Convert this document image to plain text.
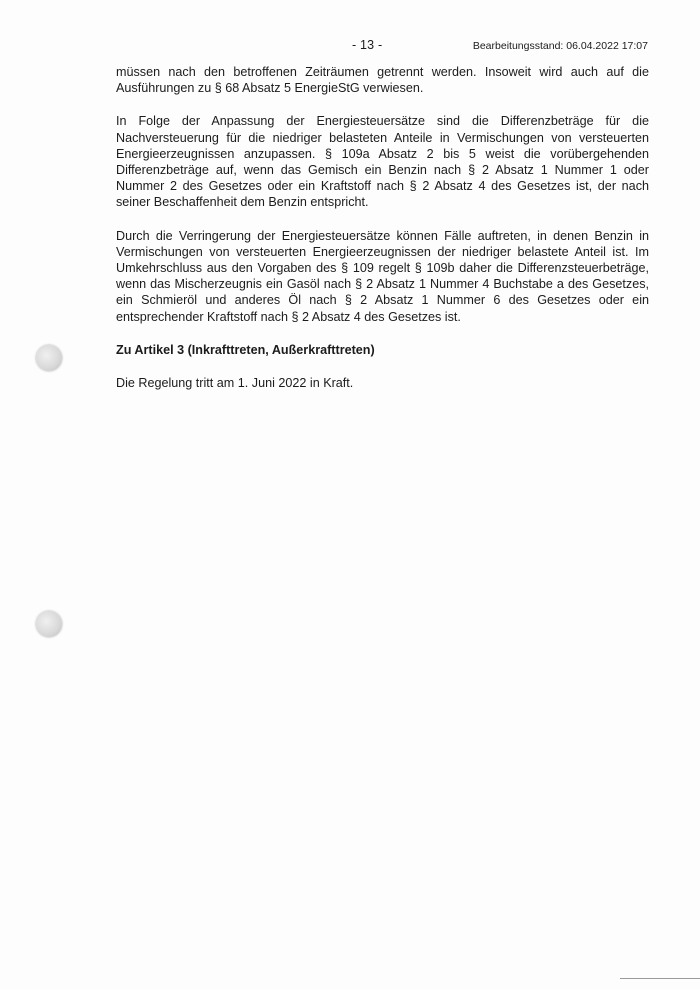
- 13 -	Bearbeitungsstand: 06.04.2022 17:07

müssen nach den betroffenen Zeiträumen getrennt werden. Insoweit wird auch auf die Ausführungen zu § 68 Absatz 5 EnergieStG verwiesen.

In Folge der Anpassung der Energiesteuersätze sind die Differenzbeträge für die Nachversteuerung für die niedriger belasteten Anteile in Vermischungen von versteuerten Energieerzeugnissen anzupassen. § 109a Absatz 2 bis 5 weist die vorübergehenden Differenzbeträge auf, wenn das Gemisch ein Benzin nach § 2 Absatz 1 Nummer 1 oder Nummer 2 des Gesetzes oder ein Kraftstoff nach § 2 Absatz 4 des Gesetzes ist, der nach seiner Beschaffenheit dem Benzin entspricht.

Durch die Verringerung der Energiesteuersätze können Fälle auftreten, in denen Benzin in Vermischungen von versteuerten Energieerzeugnissen der niedriger belastete Anteil ist. Im Umkehrschluss aus den Vorgaben des § 109 regelt § 109b daher die Differenzsteuerbeträge, wenn das Mischerzeugnis ein Gasöl nach § 2 Absatz 1 Nummer 4 Buchstabe a des Gesetzes, ein Schmieröl und anderes Öl nach § 2 Absatz 1 Nummer 6 des Gesetzes oder ein entsprechender Kraftstoff nach § 2 Absatz 4 des Gesetzes ist.

Zu Artikel 3 (Inkrafttreten, Außerkrafttreten)

Die Regelung tritt am 1. Juni 2022 in Kraft.
